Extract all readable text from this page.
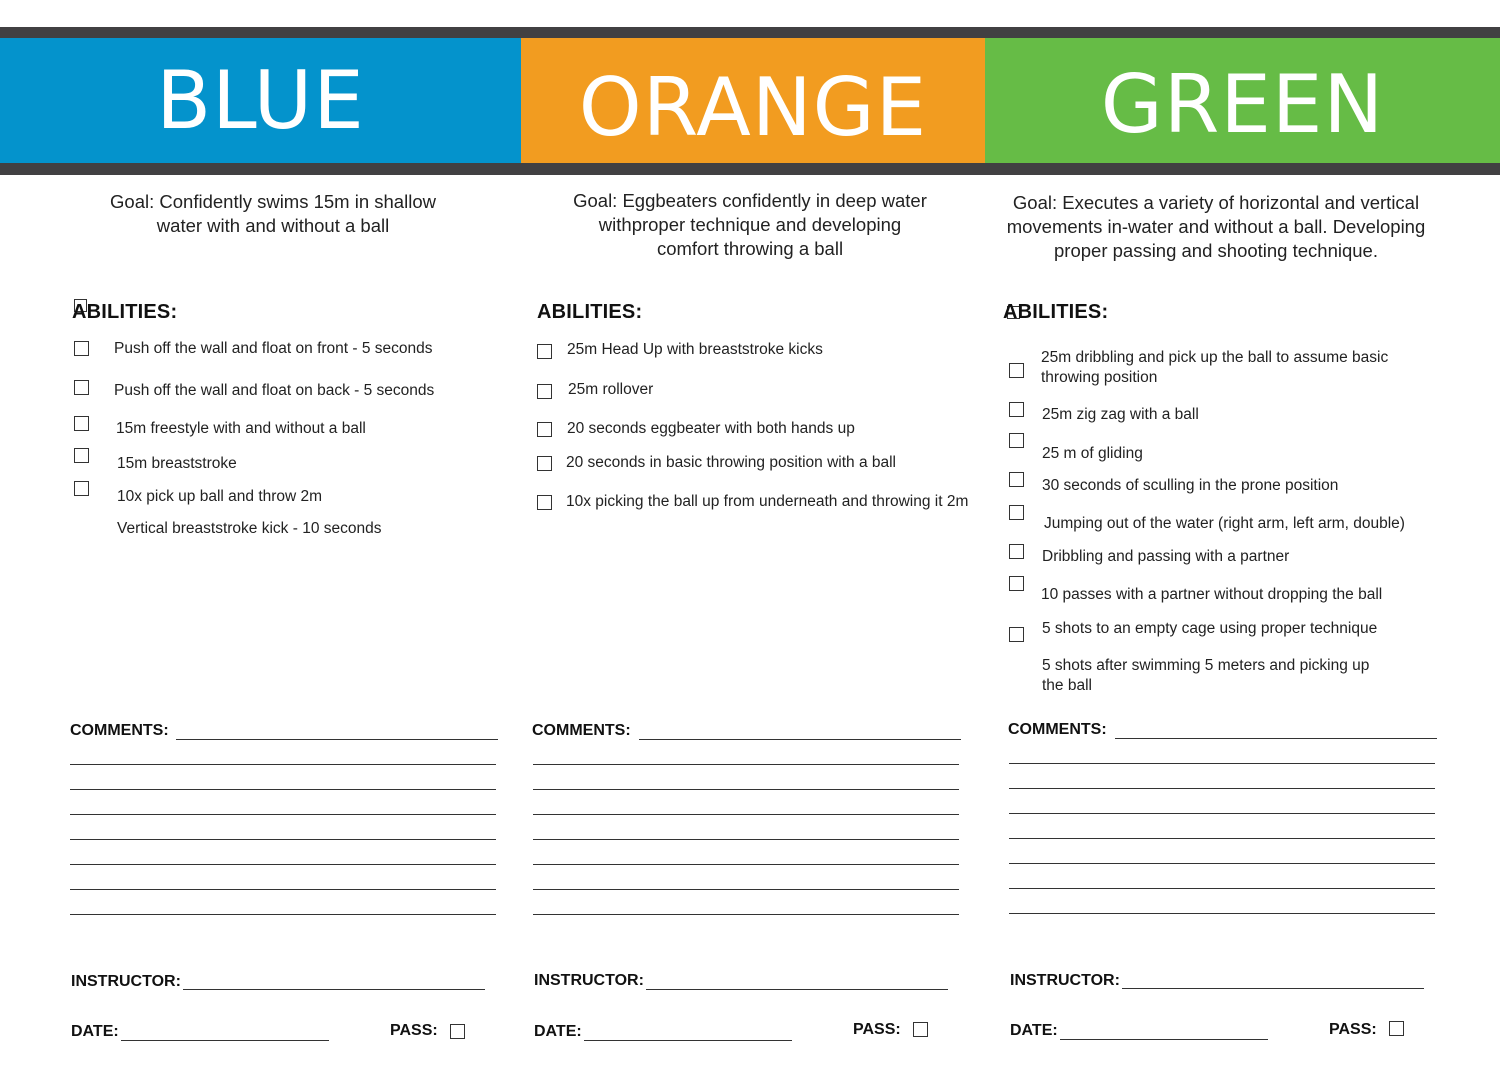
BLUE	ORANGE	GREEN
Goal: Confidently swims 15m in shallow
water with and without a ball
ABILITIES:
Push off the wall and float on front - 5 seconds
Push off the wall and float on back - 5 seconds
15m freestyle with and without a ball
15m breaststroke
10x pick up ball and throw 2m
Vertical breaststroke kick - 10 seconds
COMMENTS:
INSTRUCTOR:
DATE:	PASS:
Goal: Eggbeaters confidently in deep water
withproper technique and developing
comfort throwing a ball
ABILITIES:
25m Head Up with breaststroke kicks
25m rollover
20 seconds eggbeater with both hands up
20 seconds in basic throwing position with a ball
10x picking the ball up from underneath and throwing it 2m
COMMENTS:
INSTRUCTOR:
DATE:	PASS:
Goal: Executes a variety of horizontal and vertical
movements in-water and without a ball. Developing
proper passing and shooting technique.
ABILITIES:
25m dribbling and pick up the ball to assume basic throwing position
25m zig zag with a ball
25 m of gliding
30 seconds of sculling in the prone position
Jumping out of the water (right arm, left arm, double)
Dribbling and passing with a partner
10 passes with a partner without dropping the ball
5 shots to an empty cage using proper technique
5 shots after swimming 5 meters and picking up the ball
COMMENTS:
INSTRUCTOR:
DATE:	PASS:
